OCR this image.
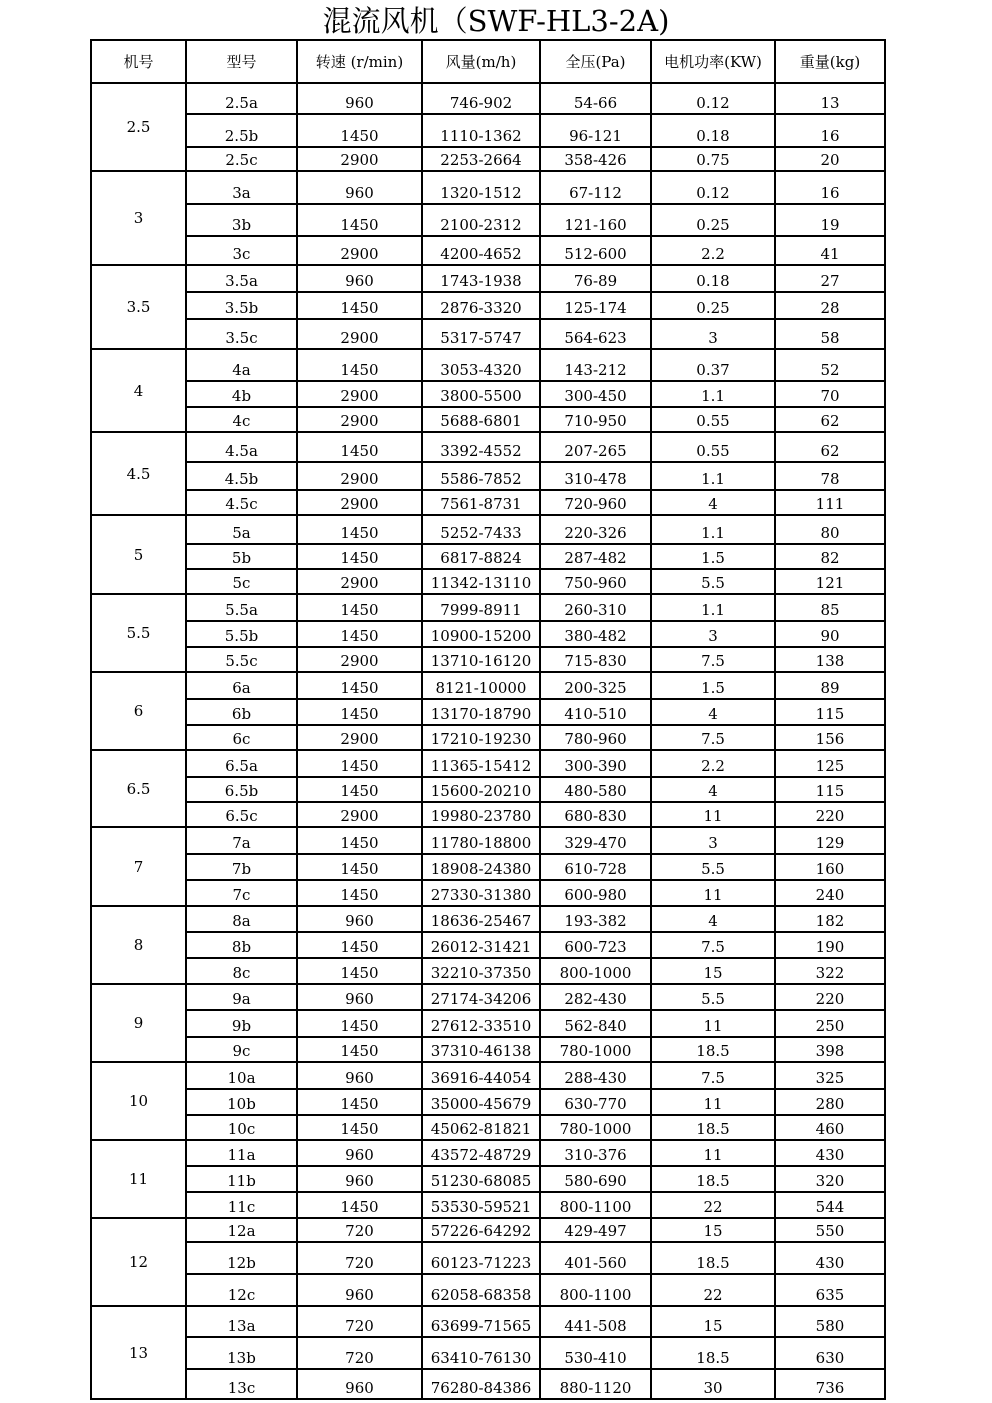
混流风机（SWF-HL3-2A)
机号	型号	转速 (r/min)	风量(m/h)	全压(Pa)	电机功率(KW)	重量(kg)
2.5	2.5a	960	746-902	54-66	0.12	13
	2.5b	1450	1110-1362	96-121	0.18	16
	2.5c	2900	2253-2664	358-426	0.75	20
3	3a	960	1320-1512	67-112	0.12	16
	3b	1450	2100-2312	121-160	0.25	19
	3c	2900	4200-4652	512-600	2.2	41
3.5	3.5a	960	1743-1938	76-89	0.18	27
	3.5b	1450	2876-3320	125-174	0.25	28
	3.5c	2900	5317-5747	564-623	3	58
4	4a	1450	3053-4320	143-212	0.37	52
	4b	2900	3800-5500	300-450	1.1	70
	4c	2900	5688-6801	710-950	0.55	62
4.5	4.5a	1450	3392-4552	207-265	0.55	62
	4.5b	2900	5586-7852	310-478	1.1	78
	4.5c	2900	7561-8731	720-960	4	111
5	5a	1450	5252-7433	220-326	1.1	80
	5b	1450	6817-8824	287-482	1.5	82
	5c	2900	11342-13110	750-960	5.5	121
5.5	5.5a	1450	7999-8911	260-310	1.1	85
	5.5b	1450	10900-15200	380-482	3	90
	5.5c	2900	13710-16120	715-830	7.5	138
6	6a	1450	8121-10000	200-325	1.5	89
	6b	1450	13170-18790	410-510	4	115
	6c	2900	17210-19230	780-960	7.5	156
6.5	6.5a	1450	11365-15412	300-390	2.2	125
	6.5b	1450	15600-20210	480-580	4	115
	6.5c	2900	19980-23780	680-830	11	220
7	7a	1450	11780-18800	329-470	3	129
	7b	1450	18908-24380	610-728	5.5	160
	7c	1450	27330-31380	600-980	11	240
8	8a	960	18636-25467	193-382	4	182
	8b	1450	26012-31421	600-723	7.5	190
	8c	1450	32210-37350	800-1000	15	322
9	9a	960	27174-34206	282-430	5.5	220
	9b	1450	27612-33510	562-840	11	250
	9c	1450	37310-46138	780-1000	18.5	398
10	10a	960	36916-44054	288-430	7.5	325
	10b	1450	35000-45679	630-770	11	280
	10c	1450	45062-81821	780-1000	18.5	460
11	11a	960	43572-48729	310-376	11	430
	11b	960	51230-68085	580-690	18.5	320
	11c	1450	53530-59521	800-1100	22	544
12	12a	720	57226-64292	429-497	15	550
	12b	720	60123-71223	401-560	18.5	430
	12c	960	62058-68358	800-1100	22	635
13	13a	720	63699-71565	441-508	15	580
	13b	720	63410-76130	530-410	18.5	630
	13c	960	76280-84386	880-1120	30	736
